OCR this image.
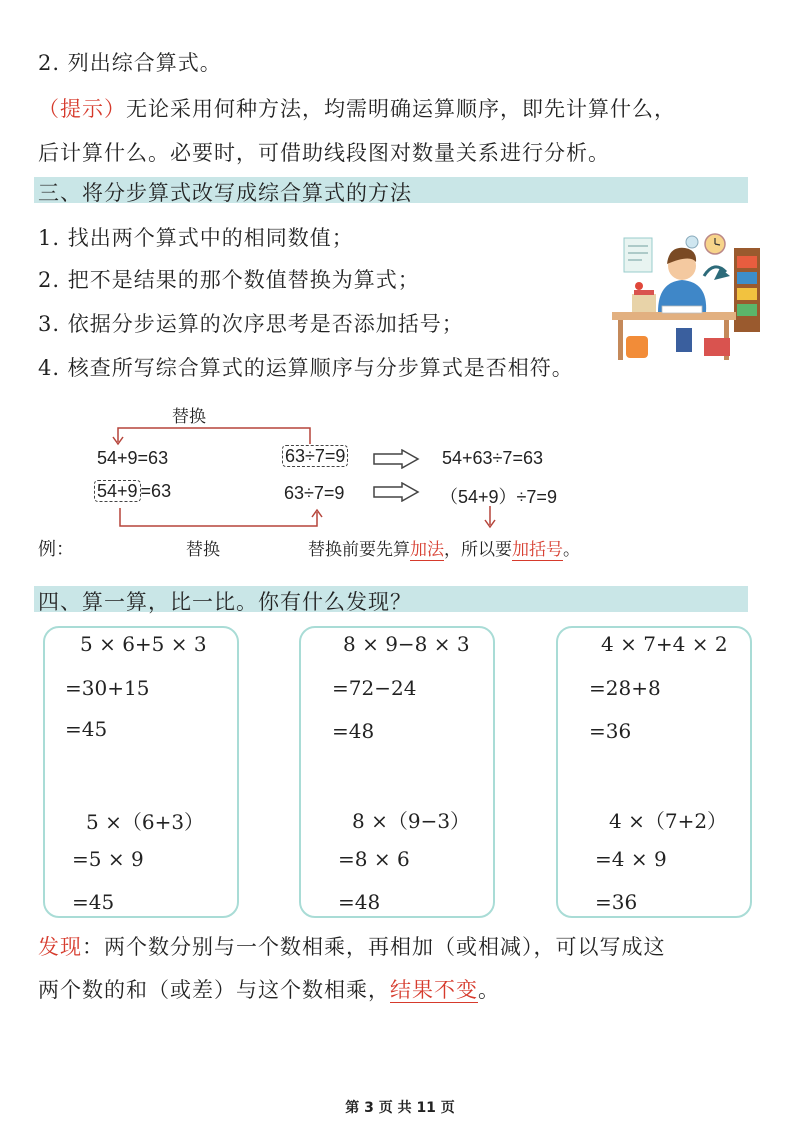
2. 列出综合算式。
（提示）无论采用何种方法，均需明确运算顺序，即先计算什么，
后计算什么。必要时，可借助线段图对数量关系进行分析。
三、将分步算式改写成综合算式的方法
1. 找出两个算式中的相同数值；
2. 把不是结果的那个数值替换为算式；
3. 依据分步运算的次序思考是否添加括号；
4. 核查所写综合算式的运算顺序与分步算式是否相符。
替换
54+9=63	63÷7=9	54+63÷7=63
54+9 =63	63÷7=9	（54+9）÷7=9
例：	替换	替换前要先算加法，所以要加括号。
四、算一算，比一比。你有什么发现？
5 × 6+5 × 3
=30+15
=45
5 ×（6+3）
=5 × 9
=45
8 × 9−8 × 3
=72−24
=48
8 ×（9−3）
=8 × 6
=48
4 × 7+4 × 2
=28+8
=36
4 ×（7+2）
=4 × 9
=36
发现：两个数分别与一个数相乘，再相加（或相减），可以写成这
两个数的和（或差）与这个数相乘，结果不变。
第 3 页 共 11 页
